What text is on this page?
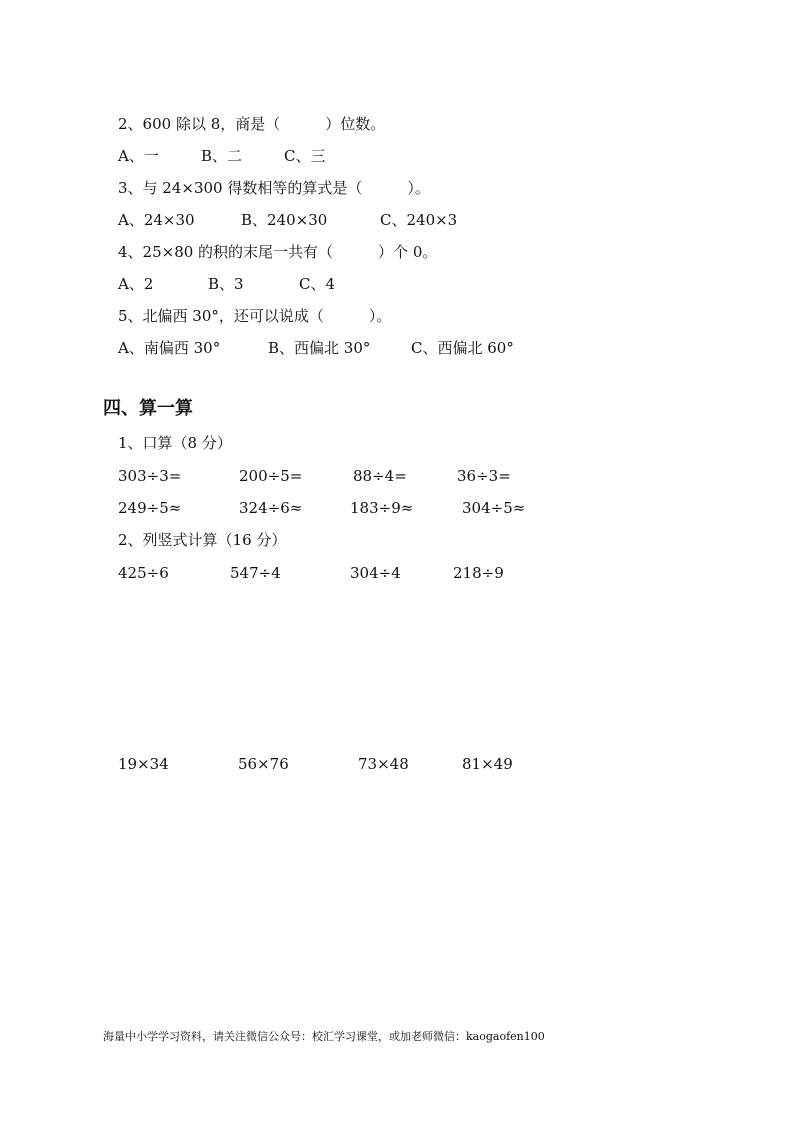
2、600 除以 8，商是（　　　）位数。
A、一	B、二	C、三
3、与 24×300 得数相等的算式是（　　　）。
A、24×30	B、240×30	C、240×3
4、25×80 的积的末尾一共有（　　　）个 0。
A、2	B、3	C、4
5、北偏西 30°，还可以说成（　　　）。
A、南偏西 30°	B、西偏北 30°	C、西偏北 60°
四、算一算
1、口算（8 分）
303÷3=	200÷5=	88÷4=	36÷3=
249÷5≈	324÷6≈	183÷9≈	304÷5≈
2、列竖式计算（16 分）
425÷6	547÷4	304÷4	218÷9
19×34	56×76	73×48	81×49
海量中小学学习资料，请关注微信公众号：校汇学习课堂，或加老师微信：kaogaofen100
